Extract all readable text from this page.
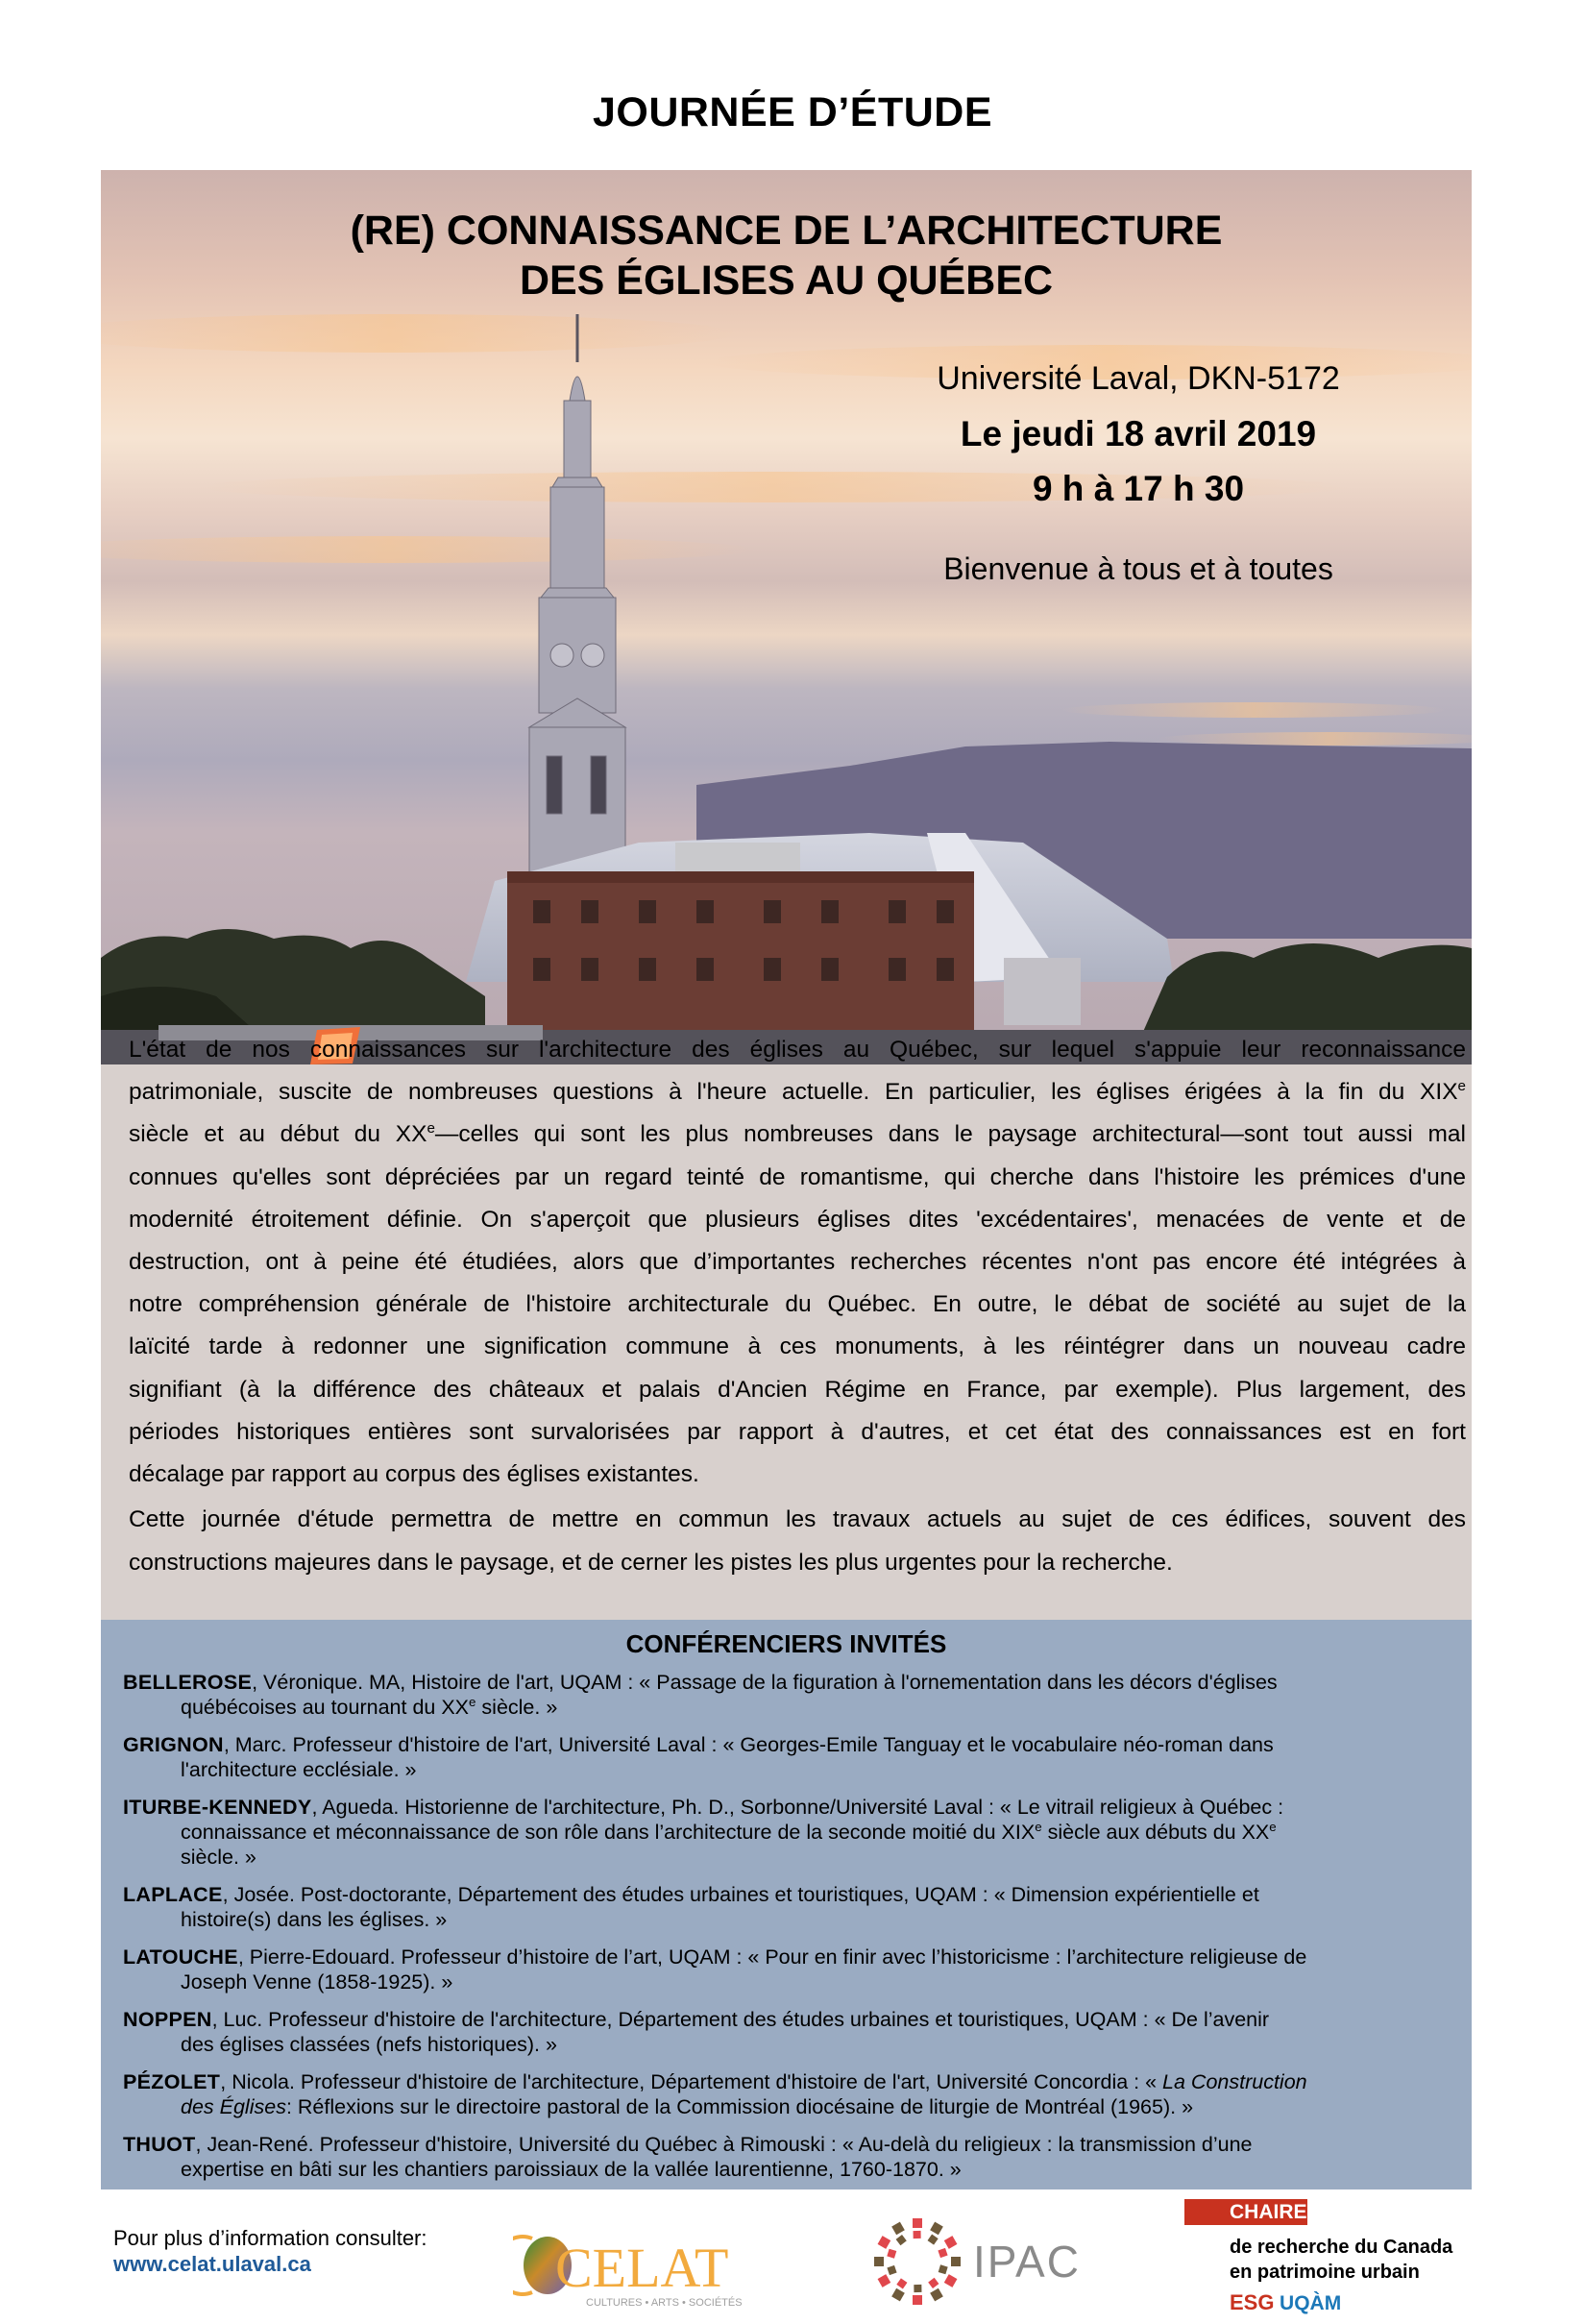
JOURNÉE D’ÉTUDE
(RE) CONNAISSANCE DE L’ARCHITECTURE
DES ÉGLISES AU QUÉBEC
Université Laval, DKN-5172
Le jeudi 18 avril 2019
9 h à 17 h 30
Bienvenue à tous et à toutes
L'état de nos connaissances sur l'architecture des églises au Québec, sur lequel s'appuie leur reconnaissance
patrimoniale, suscite de nombreuses questions à l'heure actuelle. En particulier, les églises érigées à la fin du XIXe
siècle et au début du XXe—celles qui sont les plus nombreuses dans le paysage architectural—sont tout aussi mal
connues qu'elles sont dépréciées par un regard teinté de romantisme, qui cherche dans l'histoire les prémices d'une
modernité étroitement définie. On s'aperçoit que plusieurs églises dites 'excédentaires', menacées de vente et de
destruction, ont à peine été étudiées, alors que d’importantes recherches récentes n'ont pas encore été intégrées à
notre compréhension générale de l'histoire architecturale du Québec. En outre, le débat de société au sujet de la
laïcité tarde à redonner une signification commune à ces monuments, à les réintégrer dans un nouveau cadre
signifiant (à la différence des châteaux et palais d'Ancien Régime en France, par exemple). Plus largement, des
périodes historiques entières sont survalorisées par rapport à d'autres, et cet état des connaissances est en fort
décalage par rapport au corpus des églises existantes.
Cette journée d'étude permettra de mettre en commun les travaux actuels au sujet de ces édifices, souvent des
constructions majeures dans le paysage, et de cerner les pistes les plus urgentes pour la recherche.
CONFÉRENCIERS INVITÉS
BELLEROSE, Véronique. MA, Histoire de l'art, UQAM : « Passage de la figuration à l'ornementation dans les décors d'églises
québécoises au tournant du XXe siècle. »
GRIGNON, Marc. Professeur d'histoire de l'art, Université Laval : « Georges-Emile Tanguay et le vocabulaire néo-roman dans
l'architecture ecclésiale. »
ITURBE-KENNEDY, Agueda. Historienne de l'architecture, Ph. D., Sorbonne/Université Laval : « Le vitrail religieux à Québec :
connaissance et méconnaissance de son rôle dans l’architecture de la seconde moitié du XIXe siècle aux débuts du XXe
siècle. »
LAPLACE, Josée. Post-doctorante, Département des études urbaines et touristiques, UQAM : « Dimension expérientielle et
histoire(s) dans les églises. »
LATOUCHE, Pierre-Edouard. Professeur d’histoire de l’art, UQAM : « Pour en finir avec l’historicisme : l’architecture religieuse de
Joseph Venne (1858-1925). »
NOPPEN, Luc. Professeur d'histoire de l'architecture, Département des études urbaines et touristiques, UQAM : « De l’avenir
des églises classées (nefs historiques). »
PÉZOLET, Nicola. Professeur d'histoire de l'architecture, Département d'histoire de l'art, Université Concordia : « La Construction
des Églises: Réflexions sur le directoire pastoral de la Commission diocésaine de liturgie de Montréal (1965). »
THUOT, Jean-René. Professeur d'histoire, Université du Québec à Rimouski : « Au-delà du religieux : la transmission d’une
expertise en bâti sur les chantiers paroissiaux de la vallée laurentienne, 1760-1870. »
Pour plus d’information consulter:
www.celat.ulaval.ca	CELAT
CULTURES • ARTS • SOCIÉTÉS
IPAC
CHAIRE
de recherche du Canada
en patrimoine urbain
ESG UQÀM
